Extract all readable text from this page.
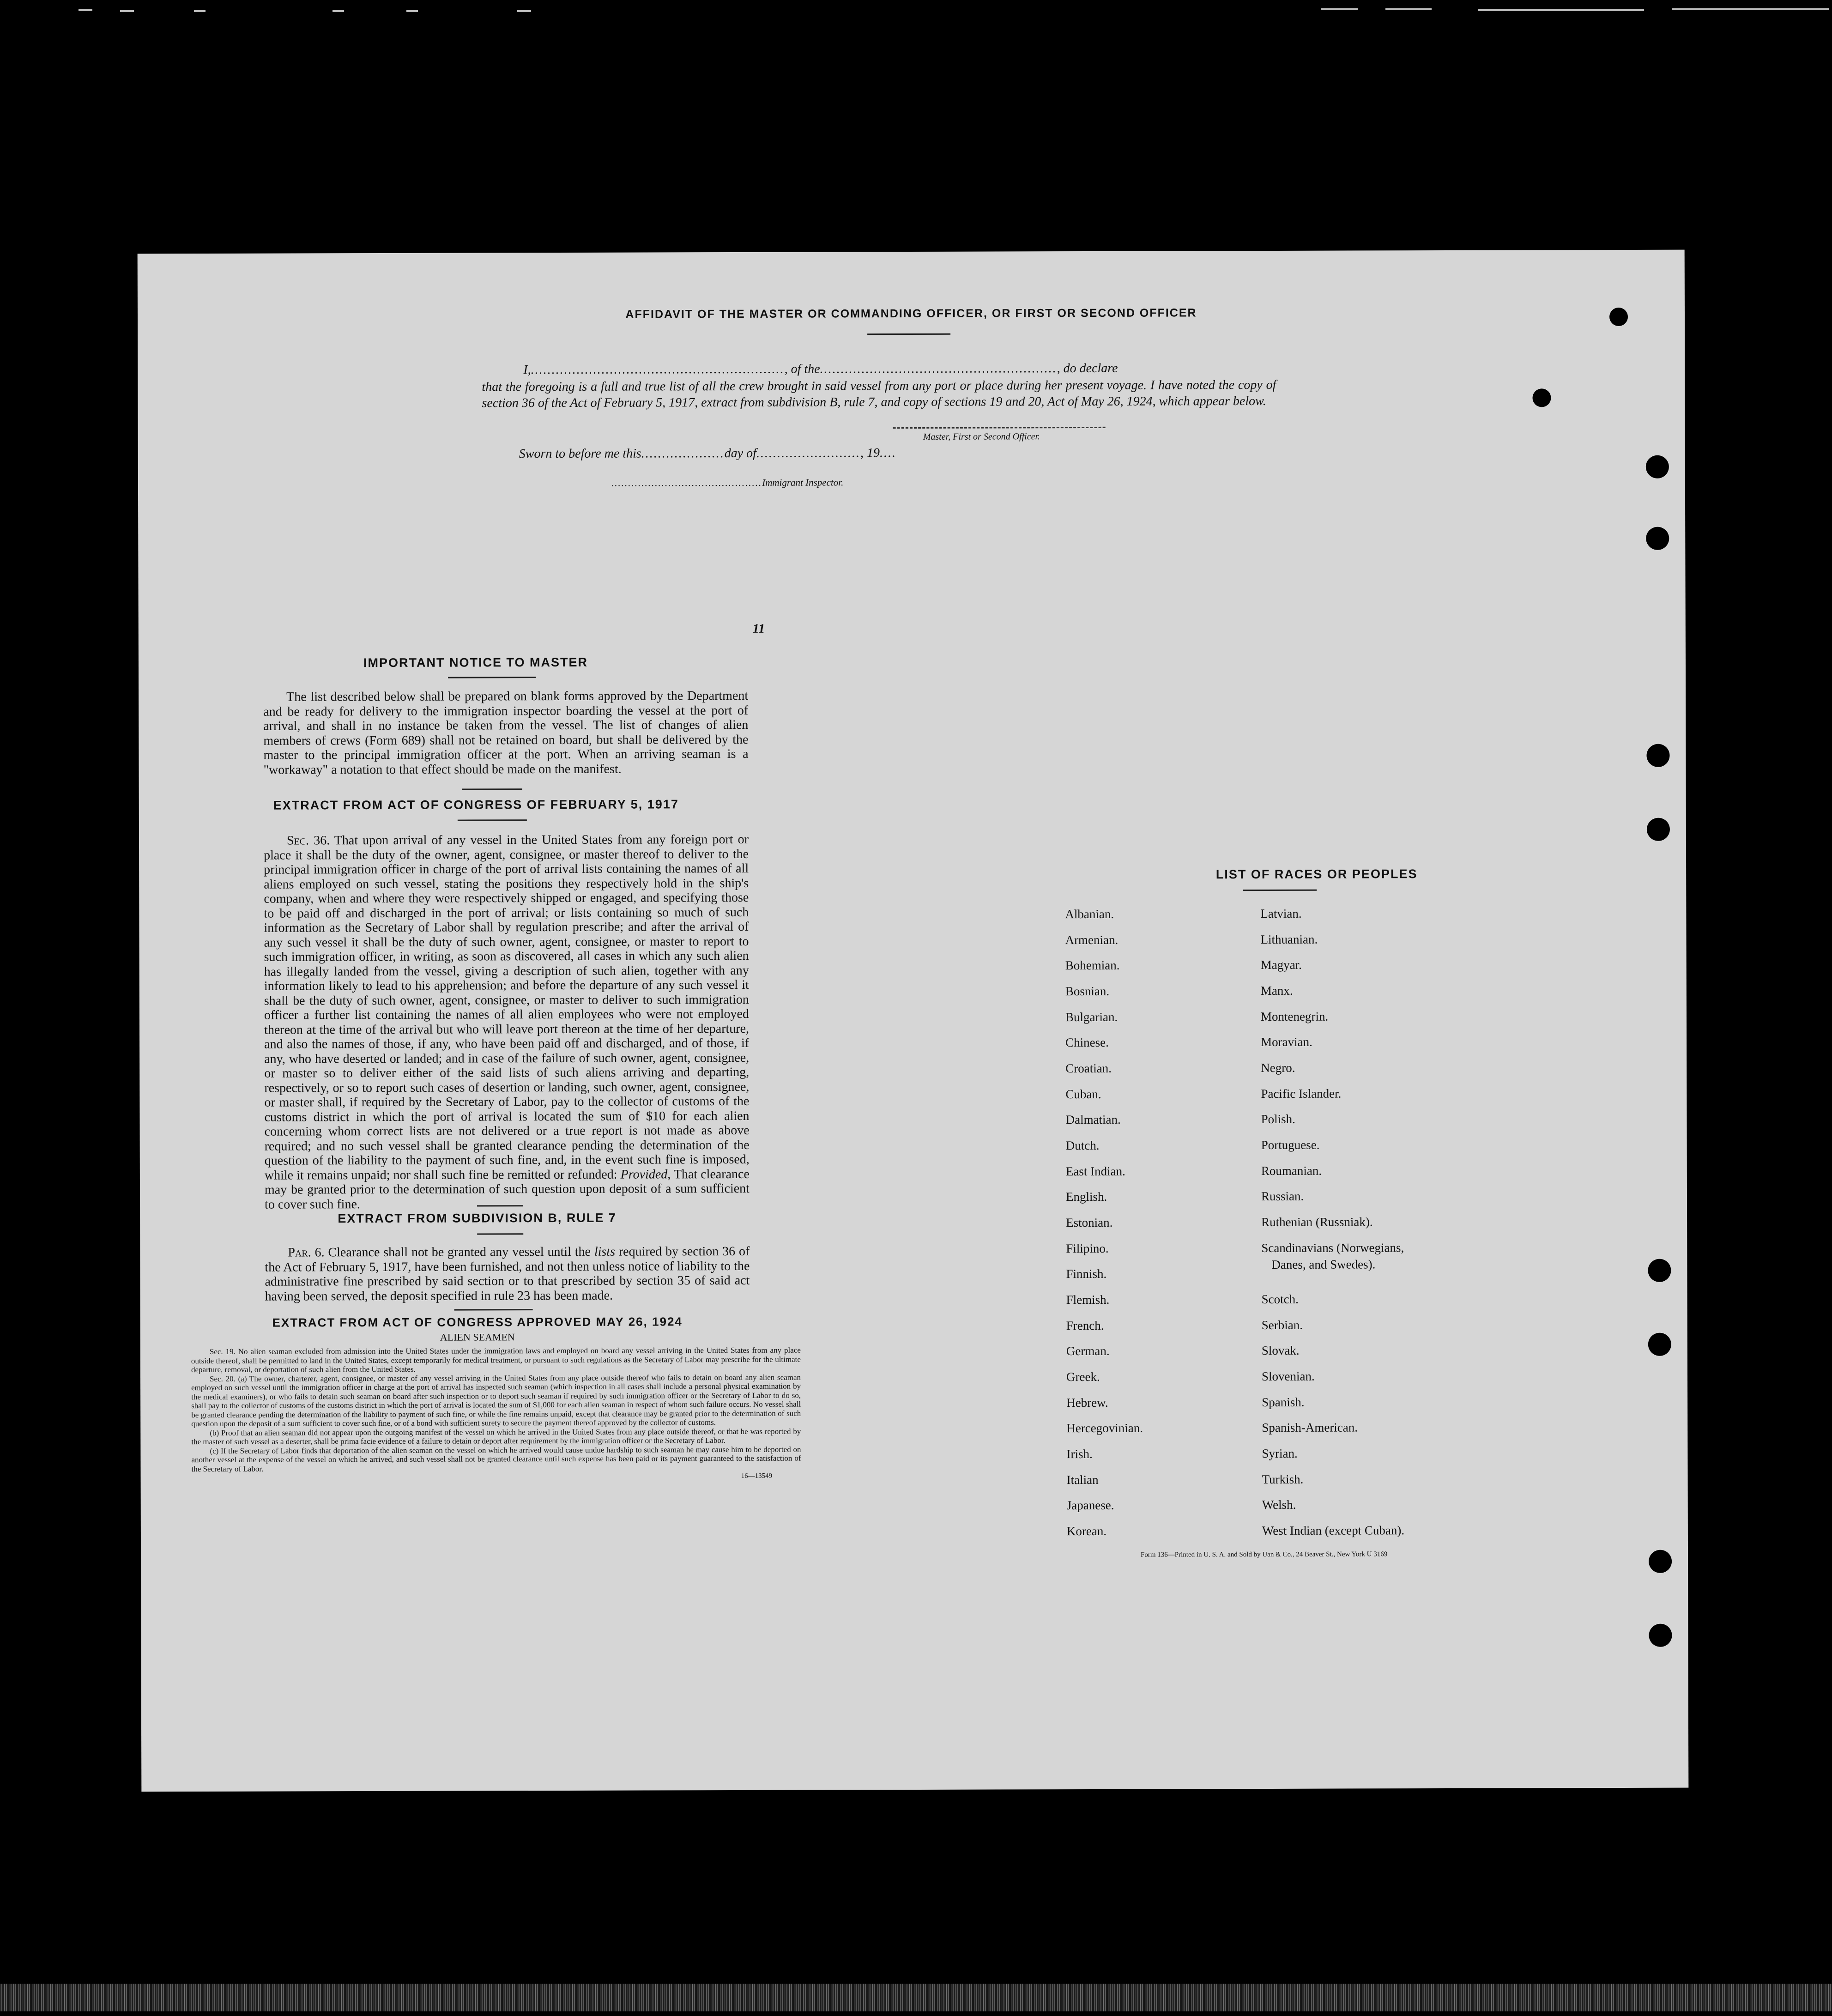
AFFIDAVIT OF THE MASTER OR COMMANDING OFFICER, OR FIRST OR SECOND OFFICER
I,............................................................., of the........................................................., do declare
that the foregoing is a full and true list of all the crew brought in said vessel from any port or place during her present voyage. I have noted the copy of section 36 of the Act of February 5, 1917, extract from subdivision B, rule 7, and copy of sections 19 and 20, Act of May 26, 1924, which appear below.
Master, First or Second Officer.
Sworn to before me this....................day of........................., 19....
.............................................Immigrant Inspector.
11
IMPORTANT NOTICE TO MASTER
The list described below shall be prepared on blank forms approved by the Department and be ready for delivery to the immigration inspector boarding the vessel at the port of arrival, and shall in no instance be taken from the vessel. The list of changes of alien members of crews (Form 689) shall not be retained on board, but shall be delivered by the master to the principal immigration officer at the port. When an arriving seaman is a "workaway" a notation to that effect should be made on the manifest.
EXTRACT FROM ACT OF CONGRESS OF FEBRUARY 5, 1917
Sec. 36. That upon arrival of any vessel in the United States from any foreign port or place it shall be the duty of the owner, agent, consignee, or master thereof to deliver to the principal immigration officer in charge of the port of arrival lists containing the names of all aliens employed on such vessel, stating the positions they respectively hold in the ship's company, when and where they were respectively shipped or engaged, and specifying those to be paid off and discharged in the port of arrival; or lists containing so much of such information as the Secretary of Labor shall by regulation prescribe; and after the arrival of any such vessel it shall be the duty of such owner, agent, consignee, or master to report to such immigration officer, in writing, as soon as discovered, all cases in which any such alien has illegally landed from the vessel, giving a description of such alien, together with any information likely to lead to his apprehension; and before the departure of any such vessel it shall be the duty of such owner, agent, consignee, or master to deliver to such immigration officer a further list containing the names of all alien employees who were not employed thereon at the time of the arrival but who will leave port thereon at the time of her departure, and also the names of those, if any, who have been paid off and discharged, and of those, if any, who have deserted or landed; and in case of the failure of such owner, agent, consignee, or master so to deliver either of the said lists of such aliens arriving and departing, respectively, or so to report such cases of desertion or landing, such owner, agent, consignee, or master shall, if required by the Secretary of Labor, pay to the collector of customs of the customs district in which the port of arrival is located the sum of $10 for each alien concerning whom correct lists are not delivered or a true report is not made as above required; and no such vessel shall be granted clearance pending the determination of the question of the liability to the payment of such fine, and, in the event such fine is imposed, while it remains unpaid; nor shall such fine be remitted or refunded: Provided, That clearance may be granted prior to the determination of such question upon deposit of a sum sufficient to cover such fine.
EXTRACT FROM SUBDIVISION B, RULE 7
Par. 6. Clearance shall not be granted any vessel until the lists required by section 36 of the Act of February 5, 1917, have been furnished, and not then unless notice of liability to the administrative fine prescribed by said section or to that prescribed by section 35 of said act having been served, the deposit specified in rule 23 has been made.
EXTRACT FROM ACT OF CONGRESS APPROVED MAY 26, 1924
ALIEN SEAMEN

Sec. 19. No alien seaman excluded from admission into the United States under the immigration laws and employed on board any vessel arriving in the United States from any place outside thereof, shall be permitted to land in the United States, except temporarily for medical treatment, or pursuant to such regulations as the Secretary of Labor may prescribe for the ultimate departure, removal, or deportation of such alien from the United States.

Sec. 20. (a) The owner, charterer, agent, consignee, or master of any vessel arriving in the United States from any place outside thereof who fails to detain on board any alien seaman employed on such vessel until the immigration officer in charge at the port of arrival has inspected such seaman (which inspection in all cases shall include a personal physical examination by the medical examiners), or who fails to detain such seaman on board after such inspection or to deport such seaman if required by such immigration officer or the Secretary of Labor to do so, shall pay to the collector of customs of the customs district in which the port of arrival is located the sum of $1,000 for each alien seaman in respect of whom such failure occurs. No vessel shall be granted clearance pending the determination of the liability to payment of such fine, or while the fine remains unpaid, except that clearance may be granted prior to the determination of such question upon the deposit of a sum sufficient to cover such fine, or of a bond with sufficient surety to secure the payment thereof approved by the collector of customs.

(b) Proof that an alien seaman did not appear upon the outgoing manifest of the vessel on which he arrived in the United States from any place outside thereof, or that he was reported by the master of such vessel as a deserter, shall be prima facie evidence of a failure to detain or deport after requirement by the immigration officer or the Secretary of Labor.

(c) If the Secretary of Labor finds that deportation of the alien seaman on the vessel on which he arrived would cause undue hardship to such seaman he may cause him to be deported on another vessel at the expense of the vessel on which he arrived, and such vessel shall not be granted clearance until such expense has been paid or its payment guaranteed to the satisfaction of the Secretary of Labor.

16—13549
LIST OF RACES OR PEOPLES
Albanian.
Armenian.
Bohemian.
Bosnian.
Bulgarian.
Chinese.
Croatian.
Cuban.
Dalmatian.
Dutch.
East Indian.
English.
Estonian.
Filipino.
Finnish.
Flemish.
French.
German.
Greek.
Hebrew.
Hercegovinian.
Irish.
Italian
Japanese.
Korean.
Latvian.
Lithuanian.
Magyar.
Manx.
Montenegrin.
Moravian.
Negro.
Pacific Islander.
Polish.
Portuguese.
Roumanian.
Russian.
Ruthenian (Russniak).
Scandinavians (Norwegians,
Danes, and Swedes).
Scotch.
Serbian.
Slovak.
Slovenian.
Spanish.
Spanish-American.
Syrian.
Turkish.
Welsh.
West Indian (except Cuban).
Form 136—Printed in U. S. A. and Sold by Uan & Co., 24 Beaver St., New York U 3169
